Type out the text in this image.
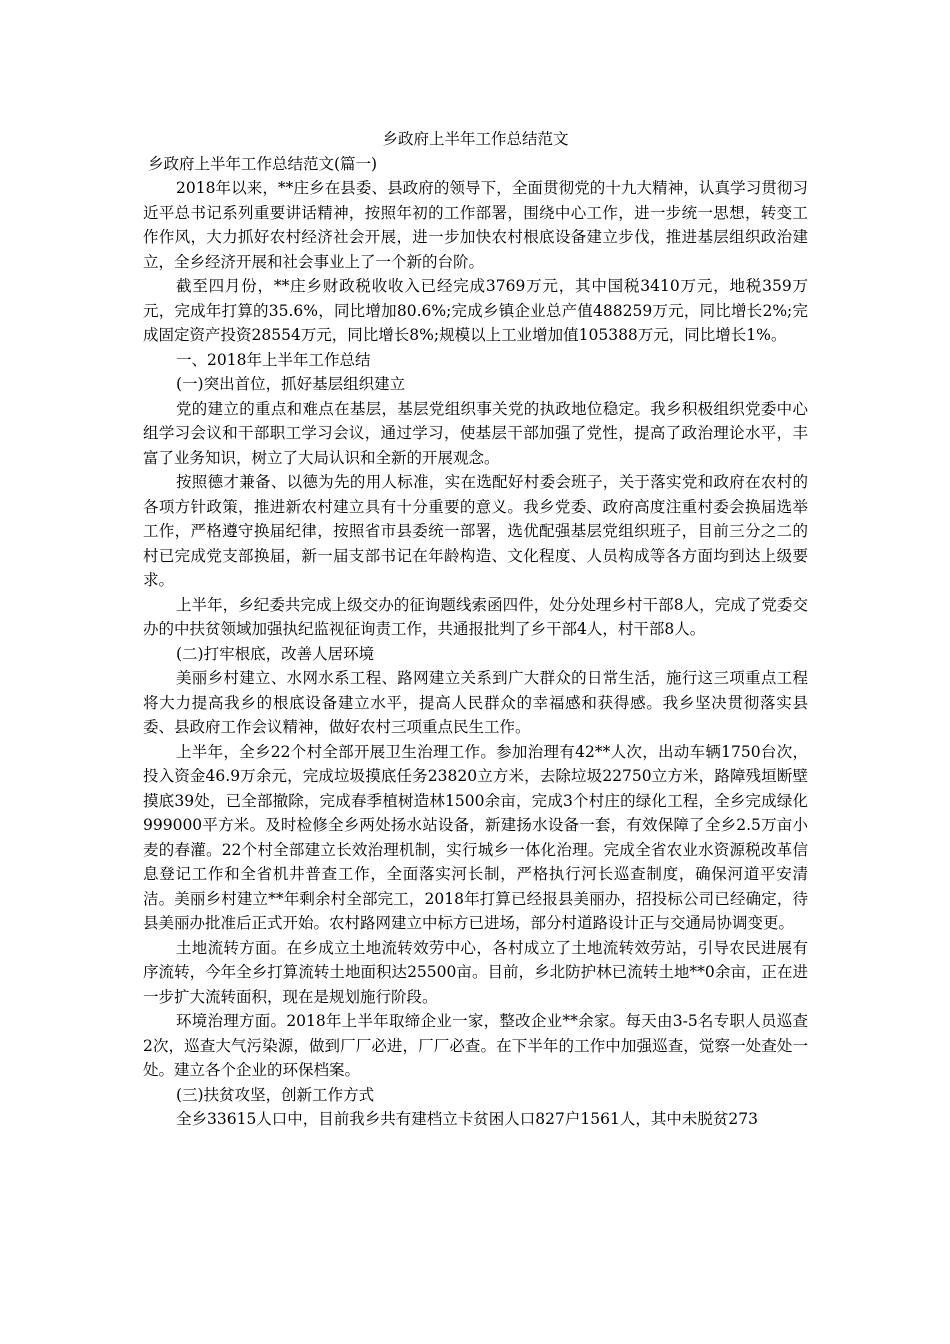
乡政府上半年工作总结范文
乡政府上半年工作总结范文(篇一)

2018年以来，**庄乡在县委、县政府的领导下，全面贯彻党的十九大精神，认真学习贯彻习近平总书记系列重要讲话精神，按照年初的工作部署，围绕中心工作，进一步统一思想，转变工作作风，大力抓好农村经济社会开展，进一步加快农村根底设备建立步伐，推进基层组织政治建立，全乡经济开展和社会事业上了一个新的台阶。

截至四月份，**庄乡财政税收收入已经完成3769万元，其中国税3410万元，地税359万元，完成年打算的35.6%，同比增加80.6%;完成乡镇企业总产值488259万元，同比增长2%;完成固定资产投资28554万元，同比增长8%;规模以上工业增加值105388万元，同比增长1%。

一、2018年上半年工作总结

(一)突出首位，抓好基层组织建立

党的建立的重点和难点在基层，基层党组织事关党的执政地位稳定。我乡积极组织党委中心组学习会议和干部职工学习会议，通过学习，使基层干部加强了党性，提高了政治理论水平，丰富了业务知识，树立了大局认识和全新的开展观念。

按照德才兼备、以德为先的用人标准，实在选配好村委会班子，关于落实党和政府在农村的各项方针政策，推进新农村建立具有十分重要的意义。我乡党委、政府高度注重村委会换届选举工作，严格遵守换届纪律，按照省市县委统一部署，选优配强基层党组织班子，目前三分之二的村已完成党支部换届，新一届支部书记在年龄构造、文化程度、人员构成等各方面均到达上级要求。

上半年，乡纪委共完成上级交办的征询题线索函四件，处分处理乡村干部8人，完成了党委交办的中扶贫领域加强执纪监视征询责工作，共通报批判了乡干部4人，村干部8人。

(二)打牢根底，改善人居环境

美丽乡村建立、水网水系工程、路网建立关系到广大群众的日常生活，施行这三项重点工程将大力提高我乡的根底设备建立水平，提高人民群众的幸福感和获得感。我乡坚决贯彻落实县委、县政府工作会议精神，做好农村三项重点民生工作。

上半年，全乡22个村全部开展卫生治理工作。参加治理有42**人次，出动车辆1750台次，投入资金46.9万余元，完成垃圾摸底任务23820立方米，去除垃圾22750立方米，路障残垣断壁摸底39处，已全部撤除，完成春季植树造林1500余亩，完成3个村庄的绿化工程，全乡完成绿化999000平方米。及时检修全乡两处扬水站设备，新建扬水设备一套，有效保障了全乡2.5万亩小麦的春灌。22个村全部建立长效治理机制，实行城乡一体化治理。完成全省农业水资源税改革信息登记工作和全省机井普查工作，全面落实河长制，严格执行河长巡查制度，确保河道平安清洁。美丽乡村建立**年剩余村全部完工，2018年打算已经报县美丽办，招投标公司已经确定，待县美丽办批准后正式开始。农村路网建立中标方已进场，部分村道路设计正与交通局协调变更。

土地流转方面。在乡成立土地流转效劳中心，各村成立了土地流转效劳站，引导农民进展有序流转，今年全乡打算流转土地面积达25500亩。目前，乡北防护林已流转土地**0余亩，正在进一步扩大流转面积，现在是规划施行阶段。

环境治理方面。2018年上半年取缔企业一家，整改企业**余家。每天由3-5名专职人员巡查2次，巡查大气污染源，做到厂厂必进，厂厂必查。在下半年的工作中加强巡查，觉察一处查处一处。建立各个企业的环保档案。

(三)扶贫攻坚，创新工作方式

全乡33615人口中，目前我乡共有建档立卡贫困人口827户1561人，其中未脱贫273
